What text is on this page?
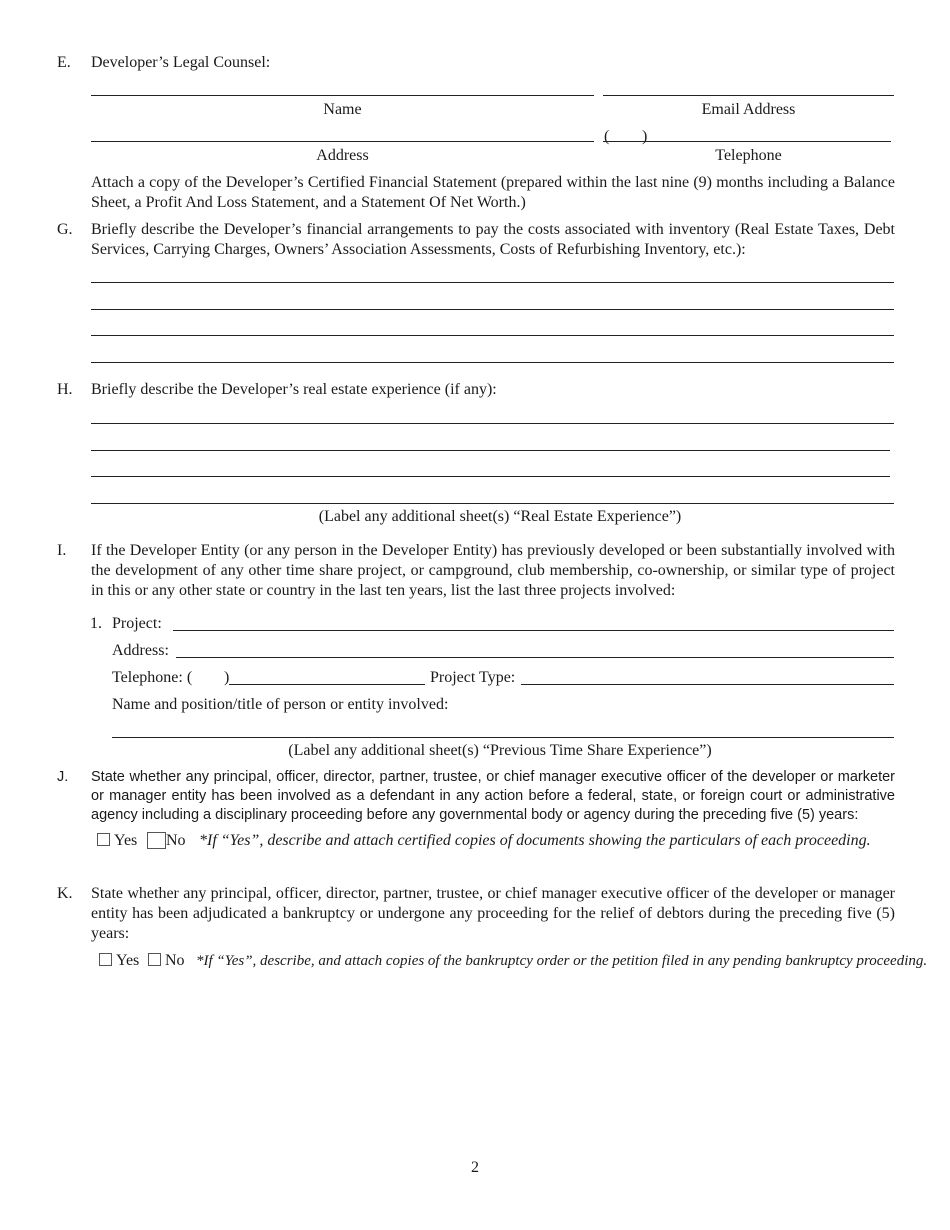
E. Developer’s Legal Counsel:
Name	Email Address
( )
Address	Telephone
Attach a copy of the Developer’s Certified Financial Statement (prepared within the last nine (9) months including a Balance Sheet, a Profit And Loss Statement, and a Statement Of Net Worth.)
G. Briefly describe the Developer’s financial arrangements to pay the costs associated with inventory (Real Estate Taxes, Debt Services, Carrying Charges, Owners’ Association Assessments, Costs of Refurbishing Inventory, etc.):
H. Briefly describe the Developer’s real estate experience (if any):
(Label any additional sheet(s) “Real Estate Experience”)
I. If the Developer Entity (or any person in the Developer Entity) has previously developed or been substantially involved with the development of any other time share project, or campground, club membership, co-ownership, or similar type of project in this or any other state or country in the last ten years, list the last three projects involved:
1. Project:
Address:
Telephone: ( )	Project Type:
Name and position/title of person or entity involved:
(Label any additional sheet(s) “Previous Time Share Experience”)
J. State whether any principal, officer, director, partner, trustee, or chief manager executive officer of the developer or marketer or manager entity has been involved as a defendant in any action before a federal, state, or foreign court or administrative agency including a disciplinary proceeding before any governmental body or agency during the preceding five (5) years:
Yes No *If “Yes”, describe and attach certified copies of documents showing the particulars of each proceeding.
K. State whether any principal, officer, director, partner, trustee, or chief manager executive officer of the developer or manager entity has been adjudicated a bankruptcy or undergone any proceeding for the relief of debtors during the preceding five (5) years:
Yes No *If “Yes”, describe, and attach copies of the bankruptcy order or the petition filed in any pending bankruptcy proceeding.
2
